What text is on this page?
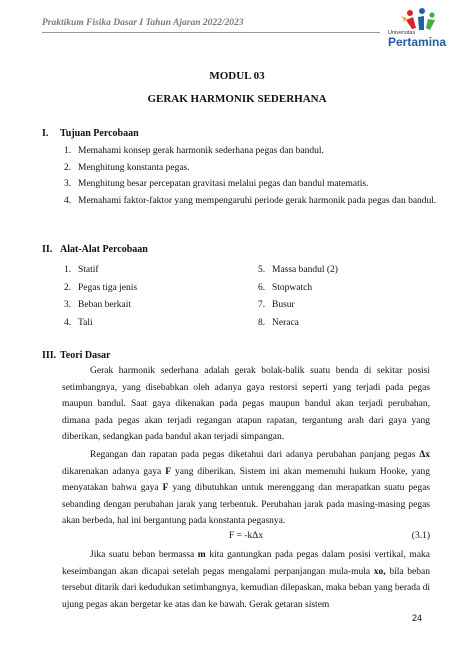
Praktikum Fisika Dasar I Tahun Ajaran 2022/2023
Universitas
Pertamina
MODUL 03
GERAK HARMONIK SEDERHANA
I. Tujuan Percobaan
1. Memahami konsep gerak harmonik sederhana pegas dan bandul.
2. Menghitung konstanta pegas.
3. Menghitung besar percepatan gravitasi melalui pegas dan bandul matematis.
4. Memahami faktor-faktor yang mempengaruhi periode gerak harmonik pada pegas dan bandul.
II. Alat-Alat Percobaan
1. Statif
2. Pegas tiga jenis
3. Beban berkait
4. Tali
5. Massa bandul (2)
6. Stopwatch
7. Busur
8. Neraca
III. Teori Dasar
Gerak harmonik sederhana adalah gerak bolak-balik suatu benda di sekitar posisi setimbangnya, yang disebabkan oleh adanya gaya restorsi seperti yang terjadi pada pegas maupun bandul. Saat gaya dikenakan pada pegas maupun bandul akan terjadi perubahan, dimana pada pegas akan terjadi regangan atapun rapatan, tergantung arah dari gaya yang diberikan, sedangkan pada bandul akan terjadi simpangan.
Regangan dan rapatan pada pegas diketahui dari adanya perubahan panjang pegas Δx dikarenakan adanya gaya F yang diberikan. Sistem ini akan memenuhi hukum Hooke, yang menyatakan bahwa gaya F yang dibutuhkan untuk merenggang dan merapatkan suatu pegas sebanding dengan perubahan jarak yang terbentuk. Perubahan jarak pada masing-masing pegas akan berbeda, hal ini bergantung pada konstanta pegasnya.
F = -kΔx	(3.1)
Jika suatu beban bermassa m kita gantungkan pada pegas dalam posisi vertikal, maka keseimbangan akan dicapai setelah pegas mengalami perpanjangan mula-mula xo, bila beban tersebut ditarik dari kedudukan setimbangnya, kemudian dilepaskan, maka beban yang berada di ujung pegas akan bergetar ke atas dan ke bawah. Gerak getaran sistem
24
